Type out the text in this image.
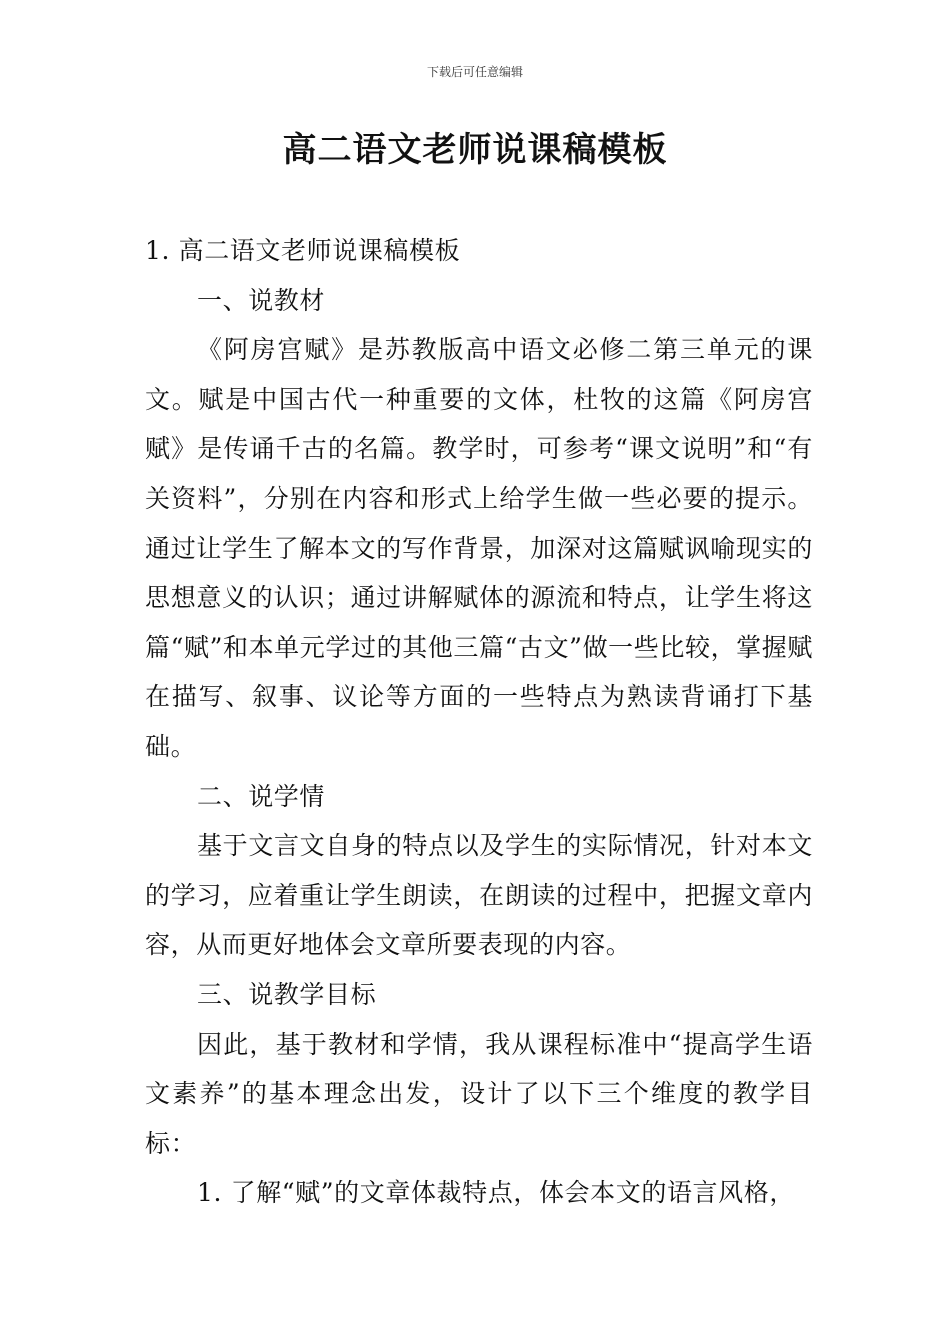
下载后可任意编辑
高二语文老师说课稿模板

1. 高二语文老师说课稿模板

一、说教材

《阿房宫赋》是苏教版高中语文必修二第三单元的课文。赋是中国古代一种重要的文体，杜牧的这篇《阿房宫赋》是传诵千古的名篇。教学时，可参考“课文说明”和“有关资料”，分别在内容和形式上给学生做一些必要的提示。通过让学生了解本文的写作背景，加深对这篇赋讽喻现实的思想意义的认识；通过讲解赋体的源流和特点，让学生将这篇“赋”和本单元学过的其他三篇“古文”做一些比较，掌握赋在描写、叙事、议论等方面的一些特点为熟读背诵打下基础。

二、说学情

基于文言文自身的特点以及学生的实际情况，针对本文的学习，应着重让学生朗读，在朗读的过程中，把握文章内容，从而更好地体会文章所要表现的内容。

三、说教学目标

因此，基于教材和学情，我从课程标准中“提高学生语文素养”的基本理念出发，设计了以下三个维度的教学目标：

1. 了解“赋”的文章体裁特点，体会本文的语言风格，
